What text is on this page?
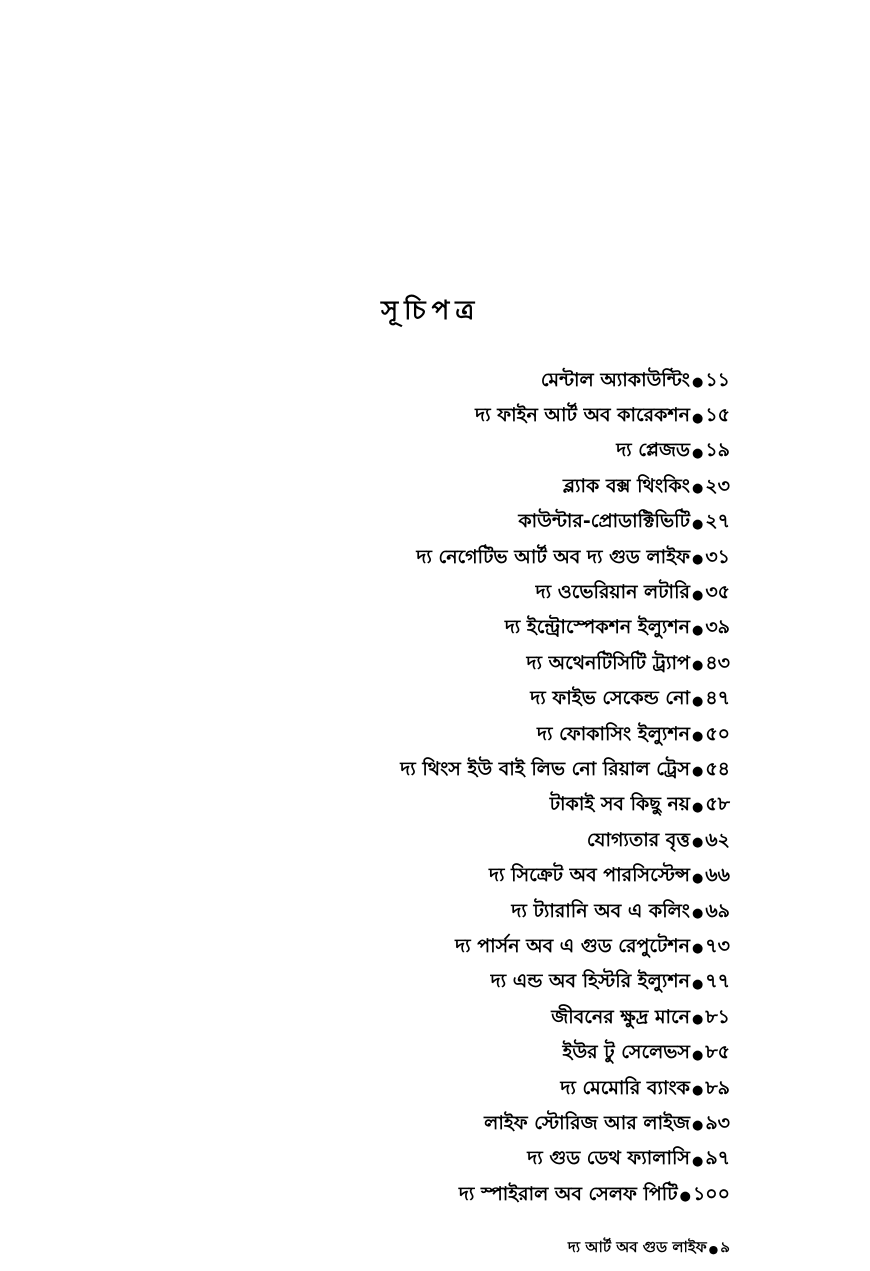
সূচিপত্র
মেন্টাল অ্যাকাউন্টিং ● ১১
দ্য ফাইন আর্ট অব কারেকশন ● ১৫
দ্য প্লেজড ● ১৯
ব্ল্যাক বক্স থিংকিং ● ২৩
কাউন্টার-প্রোডাক্টিভিটি ● ২৭
দ্য নেগেটিভ আর্ট অব দ্য গুড লাইফ ● ৩১
দ্য ওভেরিয়ান লটারি ● ৩৫
দ্য ইন্ট্রোস্পেকশন ইল্যুশন ● ৩৯
দ্য অথেনটিসিটি ট্র্যাপ ● ৪৩
দ্য ফাইভ সেকেন্ড নো ● ৪৭
দ্য ফোকাসিং ইল্যুশন ● ৫০
দ্য থিংস ইউ বাই লিভ নো রিয়াল ট্রেস ● ৫৪
টাকাই সব কিছু নয় ● ৫৮
যোগ্যতার বৃত্ত ● ৬২
দ্য সিক্রেট অব পারসিস্টেন্স ● ৬৬
দ্য ট্যারানি অব এ কলিং ● ৬৯
দ্য পার্সন অব এ গুড রেপুটেশন ● ৭৩
দ্য এন্ড অব হিস্টরি ইল্যুশন ● ৭৭
জীবনের ক্ষুদ্র মানে ● ৮১
ইউর টু সেলেভস ● ৮৫
দ্য মেমোরি ব্যাংক ● ৮৯
লাইফ স্টোরিজ আর লাইজ ● ৯৩
দ্য গুড ডেথ ফ্যালাসি ● ৯৭
দ্য স্পাইরাল অব সেলফ পিটি ● ১০০
দ্য আর্ট অব গুড লাইফ ● ৯
